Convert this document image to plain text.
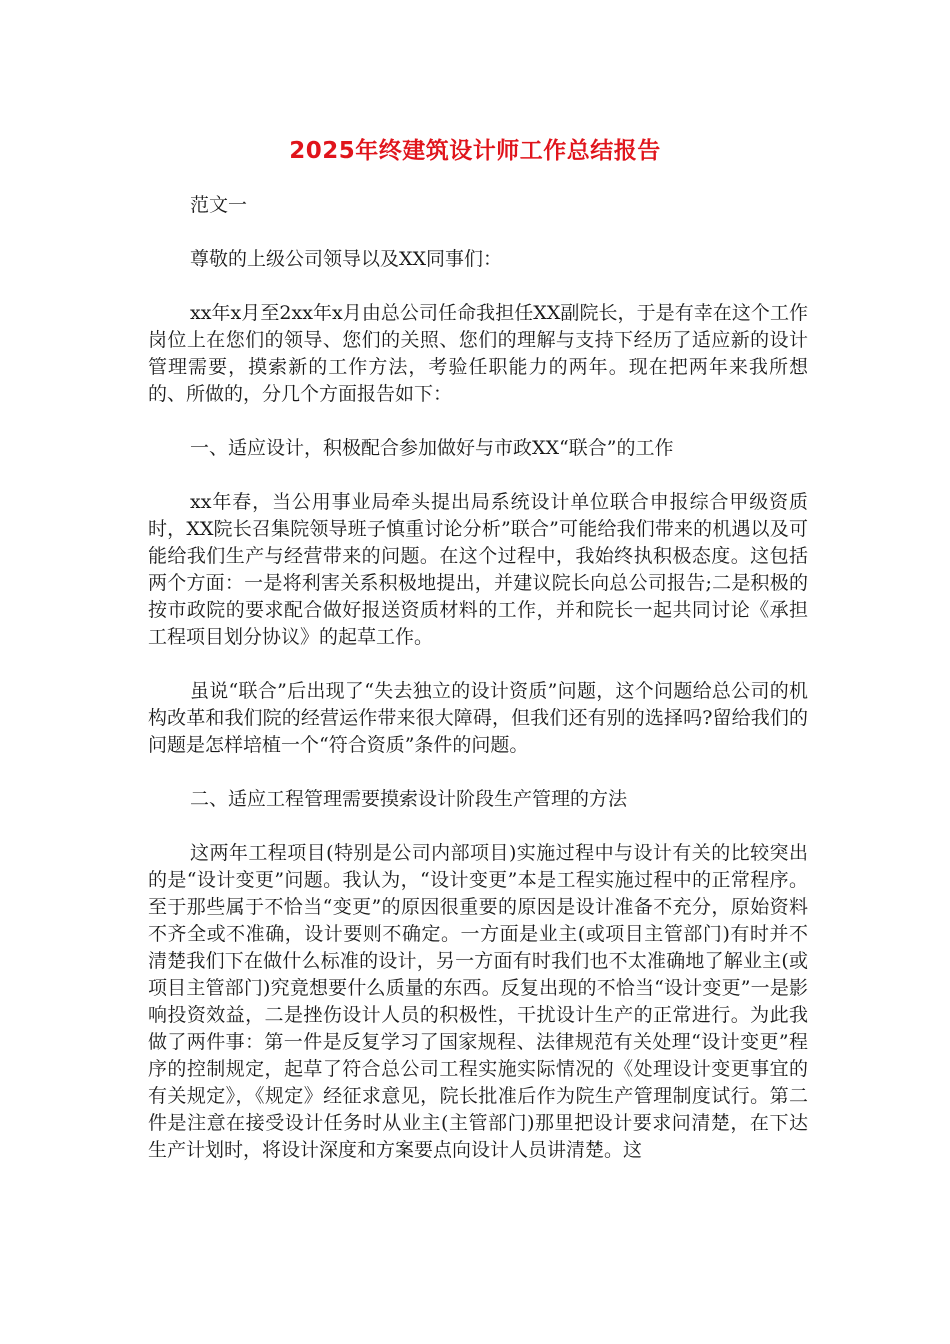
2025年终建筑设计师工作总结报告

范文一

尊敬的上级公司领导以及XX同事们：

xx年x月至2xx年x月由总公司任命我担任XX副院长，于是有幸在这个工作岗位上在您们的领导、您们的关照、您们的理解与支持下经历了适应新的设计管理需要，摸索新的工作方法，考验任职能力的两年。现在把两年来我所想的、所做的，分几个方面报告如下：

一、适应设计，积极配合参加做好与市政XX“联合”的工作

xx年春，当公用事业局牵头提出局系统设计单位联合申报综合甲级资质时，XX院长召集院领导班子慎重讨论分析”联合”可能给我们带来的机遇以及可能给我们生产与经营带来的问题。在这个过程中，我始终执积极态度。这包括两个方面：一是将利害关系积极地提出，并建议院长向总公司报告;二是积极的按市政院的要求配合做好报送资质材料的工作，并和院长一起共同讨论《承担工程项目划分协议》的起草工作。

虽说“联合”后出现了“失去独立的设计资质”问题，这个问题给总公司的机构改革和我们院的经营运作带来很大障碍，但我们还有别的选择吗?留给我们的问题是怎样培植一个“符合资质”条件的问题。

二、适应工程管理需要摸索设计阶段生产管理的方法

这两年工程项目(特别是公司内部项目)实施过程中与设计有关的比较突出的是“设计变更”问题。我认为，“设计变更”本是工程实施过程中的正常程序。至于那些属于不恰当“变更”的原因很重要的原因是设计准备不充分，原始资料不齐全或不准确，设计要则不确定。一方面是业主(或项目主管部门)有时并不清楚我们下在做什么标准的设计，另一方面有时我们也不太准确地了解业主(或项目主管部门)究竟想要什么质量的东西。反复出现的不恰当“设计变更”一是影响投资效益，二是挫伤设计人员的积极性，干扰设计生产的正常进行。为此我做了两件事：第一件是反复学习了国家规程、法律规范有关处理“设计变更”程序的控制规定，起草了符合总公司工程实施实际情况的《处理设计变更事宜的有关规定》，《规定》经征求意见，院长批准后作为院生产管理制度试行。第二件是注意在接受设计任务时从业主(主管部门)那里把设计要求问清楚，在下达生产计划时，将设计深度和方案要点向设计人员讲清楚。这
